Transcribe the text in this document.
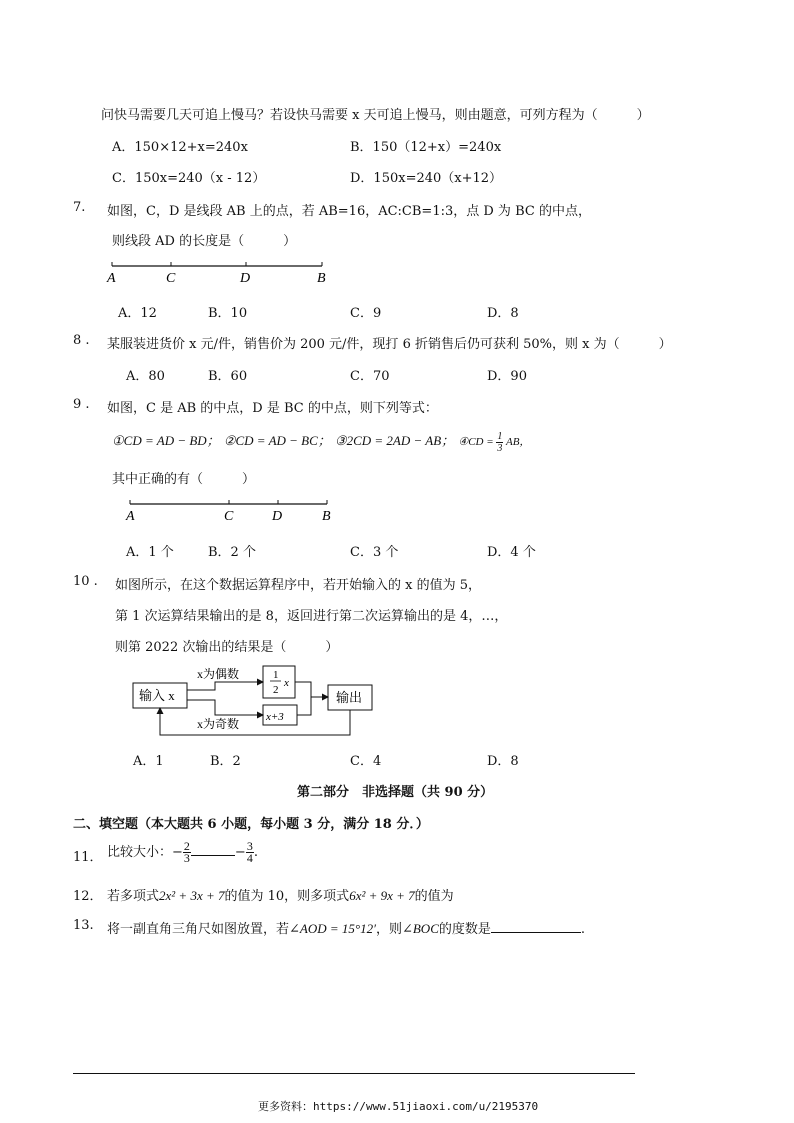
问快马需要几天可追上慢马？若设快马需要 x 天可追上慢马，则由题意，可列方程为（　　　）
A．150×12+x=240x	B．150（12+x）=240x
C．150x=240（x - 12）	D．150x=240（x+12）
7. 如图，C，D 是线段 AB 上的点，若 AB=16，AC:CB=1:3，点 D 为 BC 的中点，
则线段 AD 的长度是（　　　）
A	C	D	B
A．12	B．10	C．9	D．8
8 . 某服装进货价 x 元/件，销售价为 200 元/件，现打 6 折销售后仍可获利 50%，则 x 为（　　　）
A．80	B．60	C．70	D．90
9 . 如图，C 是 AB 的中点，D 是 BC 的中点，则下列等式：
①CD = AD − BD； ②CD = AD − BC； ③2CD = 2AD − AB； ④CD = $\frac{1}{3}$ AB，
其中正确的有（　　　）
A	C	D	B
A．1 个	B．2 个	C．3 个	D．4 个
10 . 如图所示，在这个数据运算程序中，若开始输入的 x 的值为 5，
第 1 次运算结果输出的是 8，返回进行第二次运算输出的是 4，…，
则第 2022 次输出的结果是（　　　）
输入 x
x为偶数
x为奇数
1
2
x
x+3
输出
A．1	B．2	C．4	D．8
第二部分　非选择题（共 90 分）
二、填空题（本大题共 6 小题，每小题 3 分，满分 18 分．）
11． 比较大小：− $\frac{2}{3}$	− $\frac{3}{4}$ .
12． 若多项式2x² + 3x + 7的值为 10，则多项式6x² + 9x + 7的值为
13. 将一副直角三角尺如图放置，若∠AOD = 15°12′，则∠BOC的度数是	.
更多资料：https://www.51jiaoxi.com/u/2195370
